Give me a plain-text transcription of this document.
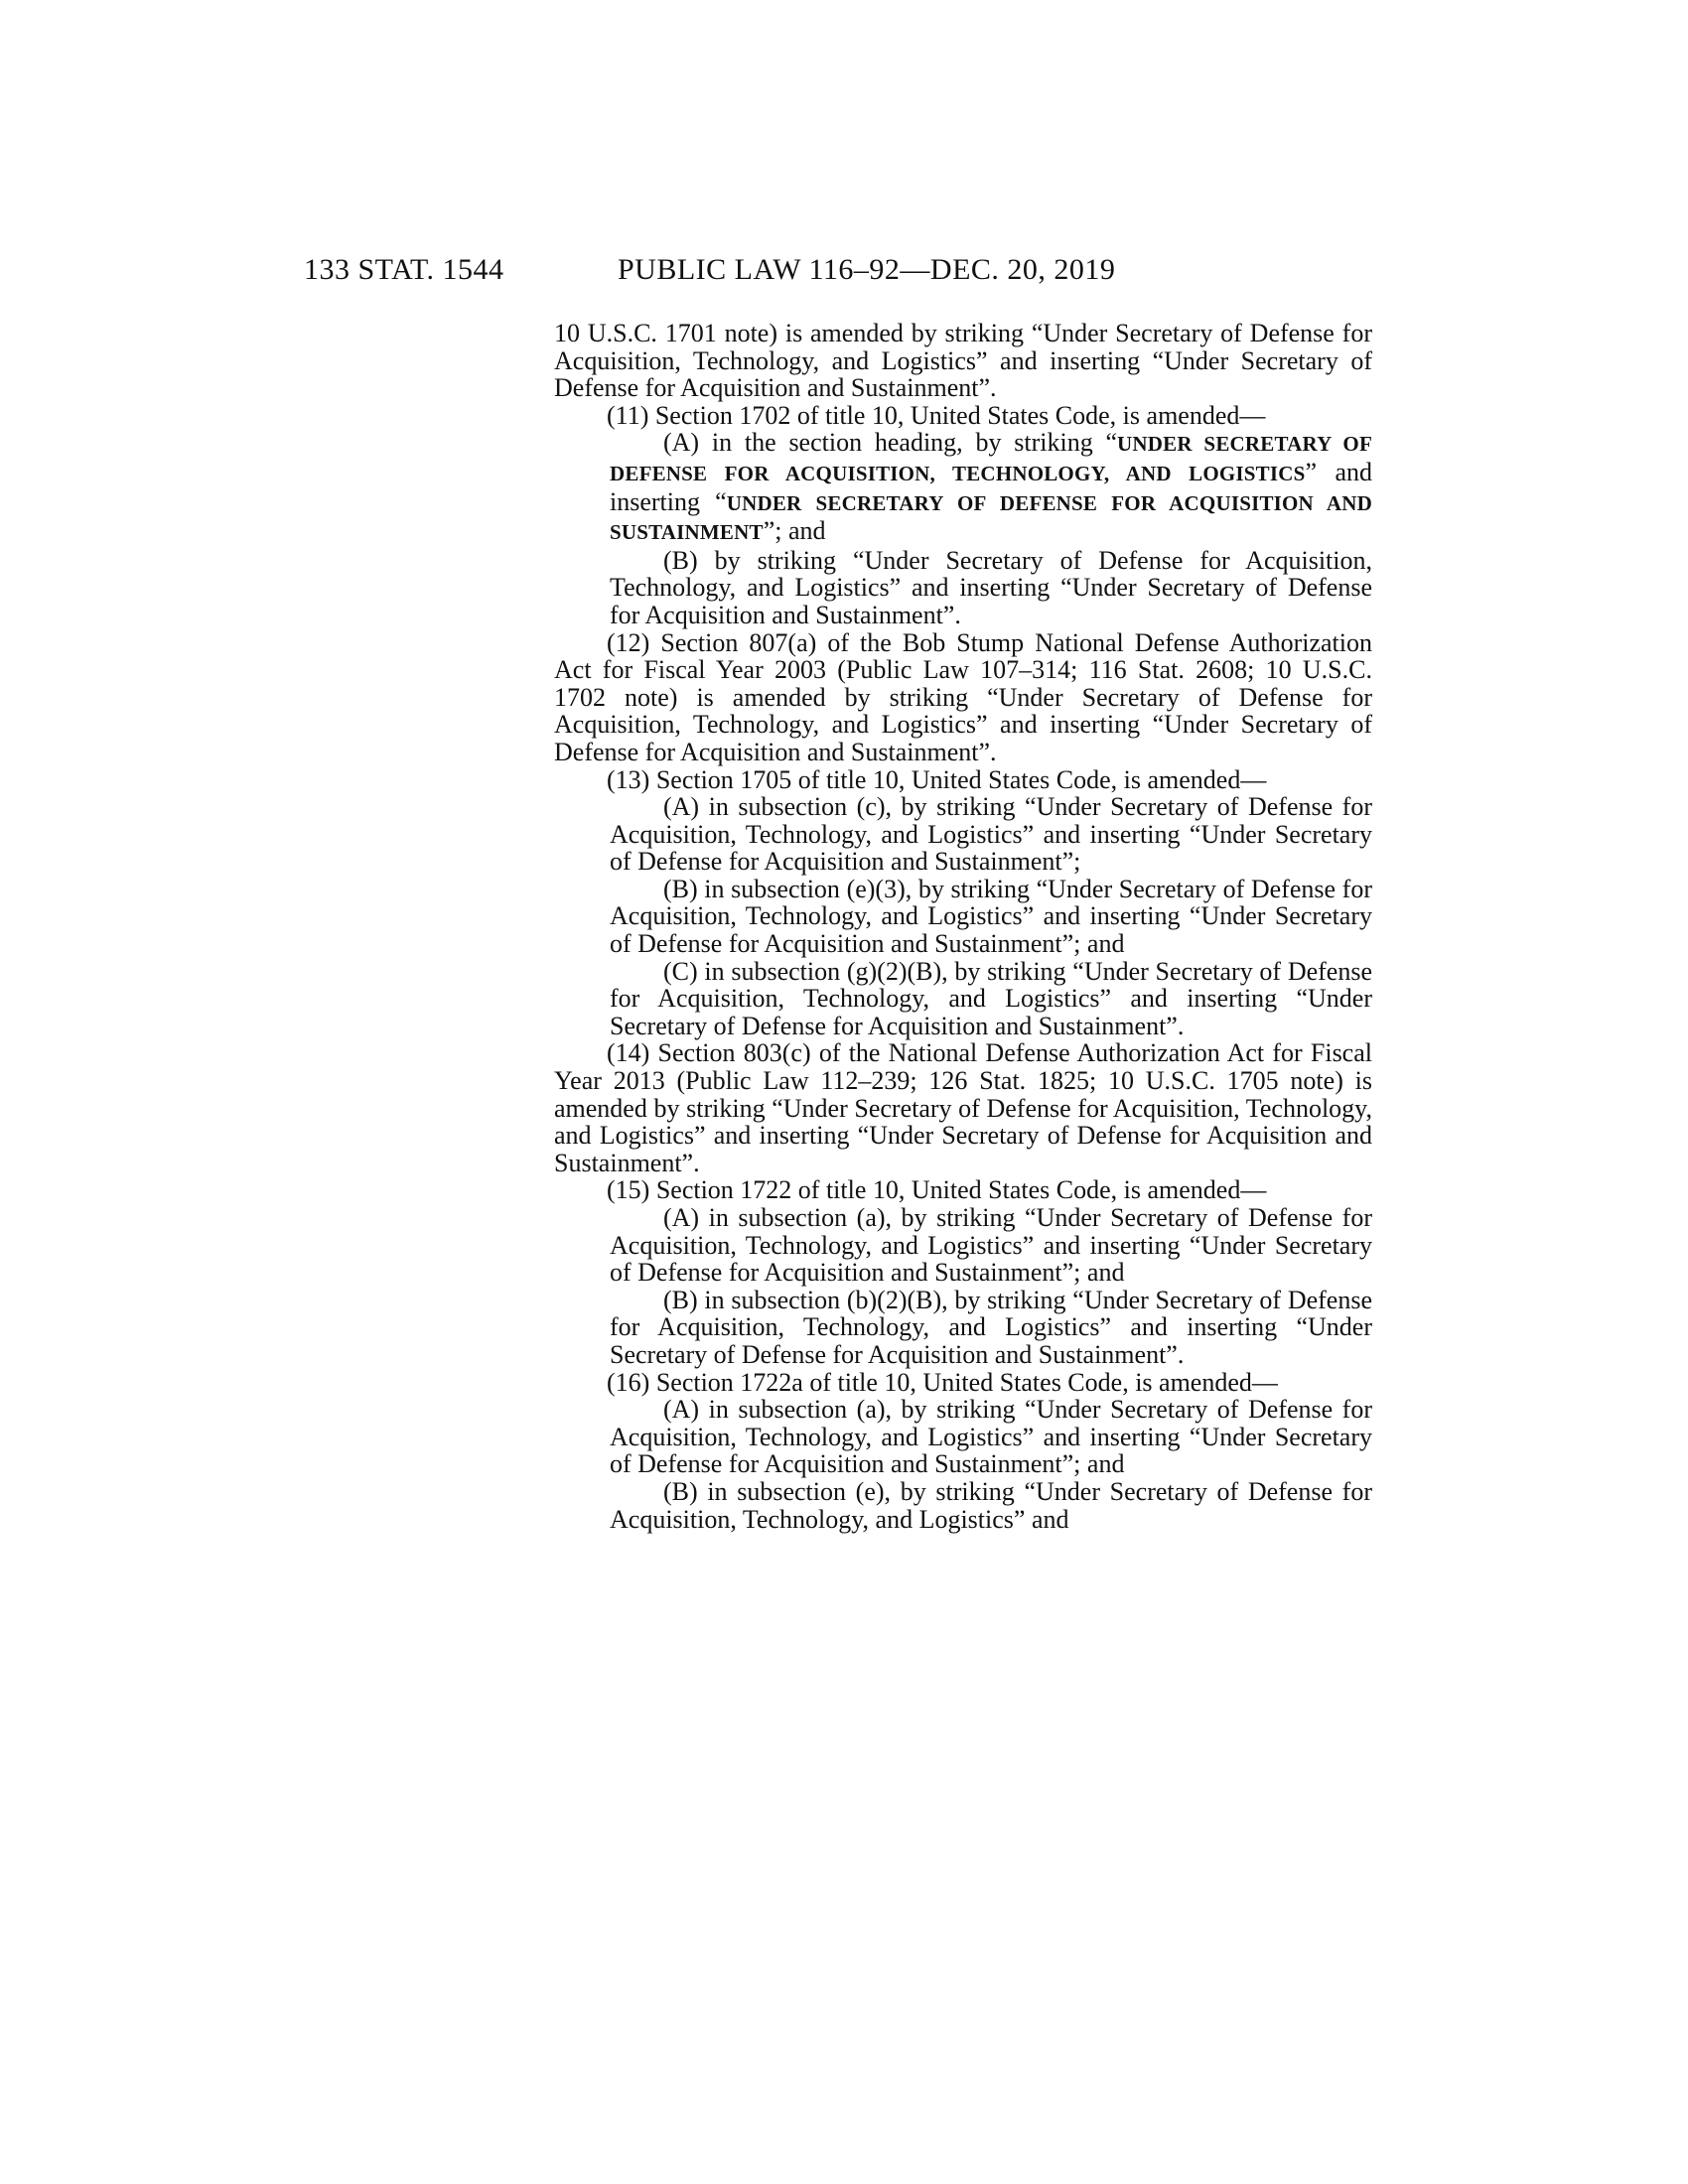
133 STAT. 1544	PUBLIC LAW 116–92—DEC. 20, 2019

10 U.S.C. 1701 note) is amended by striking “Under Secretary of Defense for Acquisition, Technology, and Logistics” and inserting “Under Secretary of Defense for Acquisition and Sustainment”.

(11) Section 1702 of title 10, United States Code, is amended—

(A) in the section heading, by striking “UNDER SECRETARY OF DEFENSE FOR ACQUISITION, TECHNOLOGY, AND LOGISTICS” and inserting “UNDER SECRETARY OF DEFENSE FOR ACQUISITION AND SUSTAINMENT”; and

(B) by striking “Under Secretary of Defense for Acquisition, Technology, and Logistics” and inserting “Under Secretary of Defense for Acquisition and Sustainment”.

(12) Section 807(a) of the Bob Stump National Defense Authorization Act for Fiscal Year 2003 (Public Law 107–314; 116 Stat. 2608; 10 U.S.C. 1702 note) is amended by striking “Under Secretary of Defense for Acquisition, Technology, and Logistics” and inserting “Under Secretary of Defense for Acquisition and Sustainment”.

(13) Section 1705 of title 10, United States Code, is amended—

(A) in subsection (c), by striking “Under Secretary of Defense for Acquisition, Technology, and Logistics” and inserting “Under Secretary of Defense for Acquisition and Sustainment”;

(B) in subsection (e)(3), by striking “Under Secretary of Defense for Acquisition, Technology, and Logistics” and inserting “Under Secretary of Defense for Acquisition and Sustainment”; and

(C) in subsection (g)(2)(B), by striking “Under Secretary of Defense for Acquisition, Technology, and Logistics” and inserting “Under Secretary of Defense for Acquisition and Sustainment”.

(14) Section 803(c) of the National Defense Authorization Act for Fiscal Year 2013 (Public Law 112–239; 126 Stat. 1825; 10 U.S.C. 1705 note) is amended by striking “Under Secretary of Defense for Acquisition, Technology, and Logistics” and inserting “Under Secretary of Defense for Acquisition and Sustainment”.

(15) Section 1722 of title 10, United States Code, is amended—

(A) in subsection (a), by striking “Under Secretary of Defense for Acquisition, Technology, and Logistics” and inserting “Under Secretary of Defense for Acquisition and Sustainment”; and

(B) in subsection (b)(2)(B), by striking “Under Secretary of Defense for Acquisition, Technology, and Logistics” and inserting “Under Secretary of Defense for Acquisition and Sustainment”.

(16) Section 1722a of title 10, United States Code, is amended—

(A) in subsection (a), by striking “Under Secretary of Defense for Acquisition, Technology, and Logistics” and inserting “Under Secretary of Defense for Acquisition and Sustainment”; and

(B) in subsection (e), by striking “Under Secretary of Defense for Acquisition, Technology, and Logistics” and
